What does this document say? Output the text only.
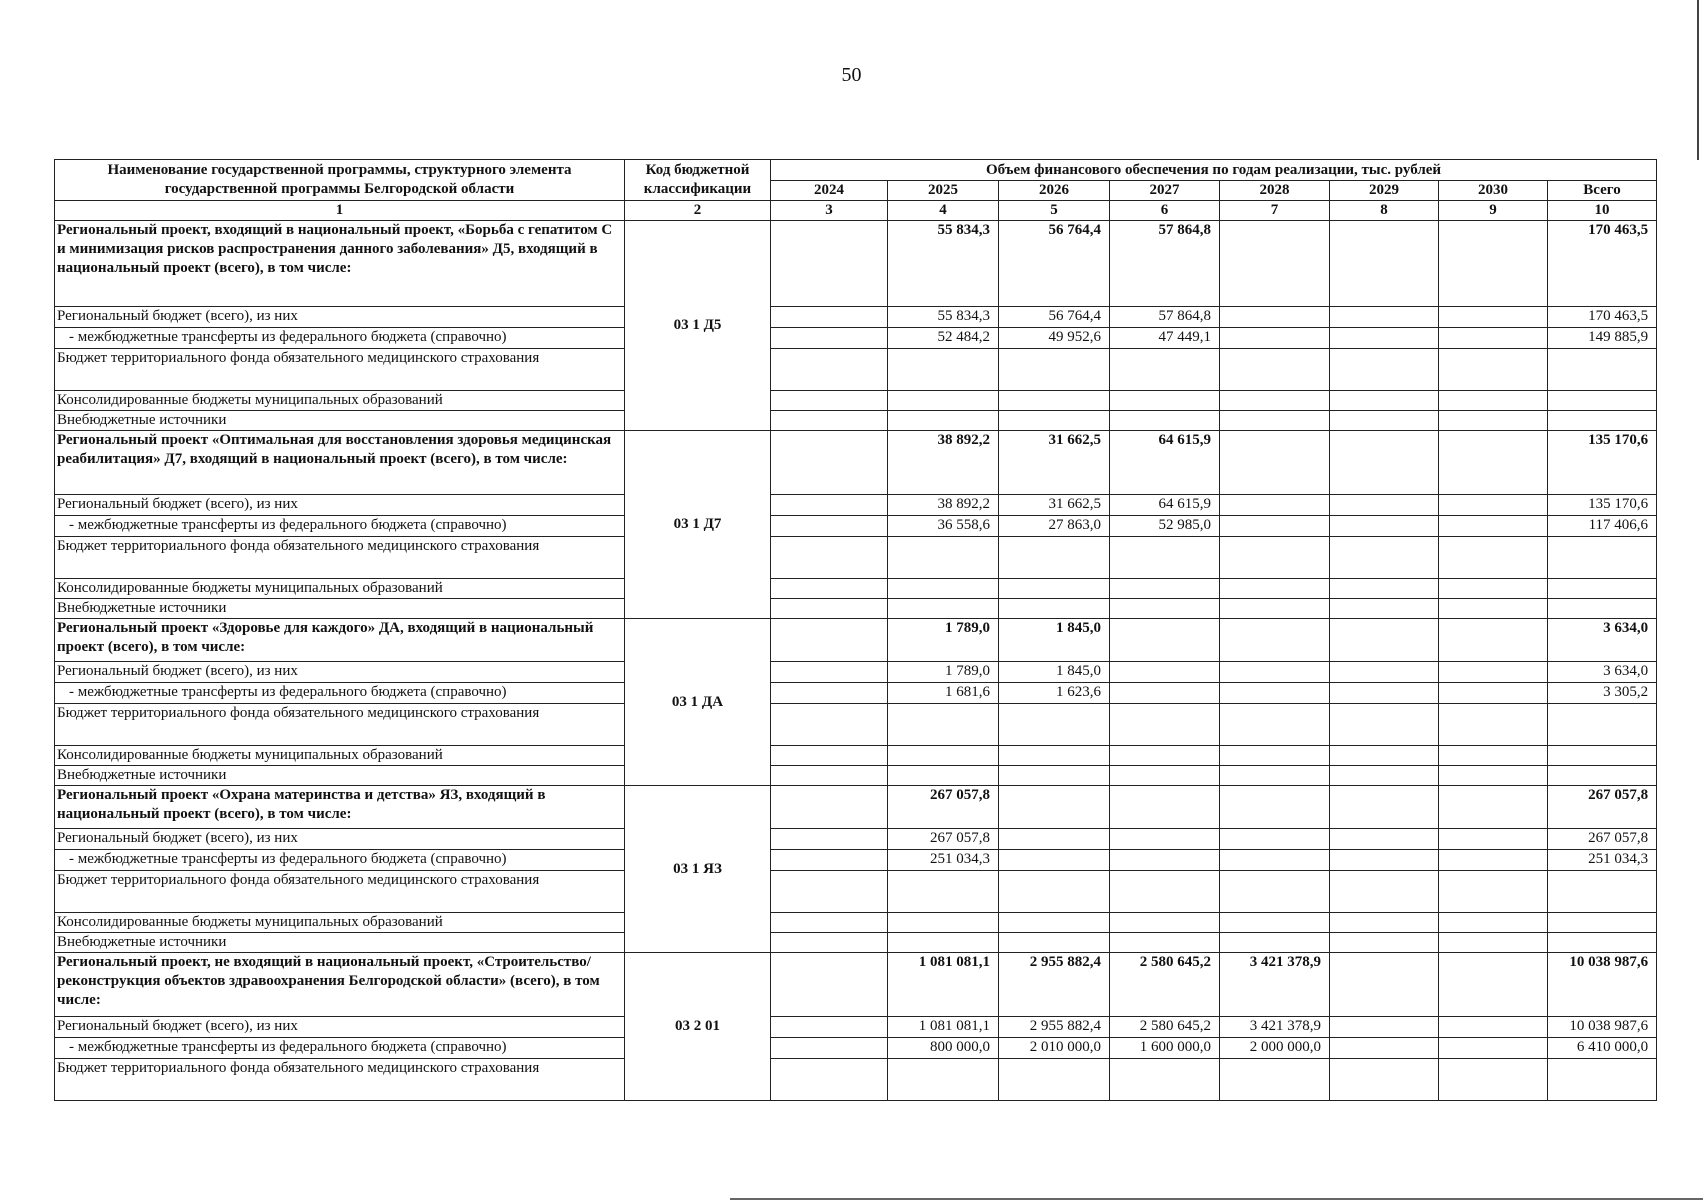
50
Наименование государственной программы, структурного элемента государственной программы Белгородской области	Код бюджетной классификации	Объем финансового обеспечения по годам реализации, тыс. рублей							
		2024	2025	2026	2027	2028	2029	2030	Всего
1	2	3	4	5	6	7	8	9	10
Региональный проект, входящий в национальный проект, «Борьба с гепатитом С и минимизация рисков распространения данного заболевания» Д5, входящий в национальный проект (всего), в том числе:	03 1 Д5		55 834,3	56 764,4	57 864,8				170 463,5
Региональный бюджет (всего), из них			55 834,3	56 764,4	57 864,8				170 463,5
- межбюджетные трансферты из федерального бюджета (справочно)			52 484,2	49 952,6	47 449,1				149 885,9
Бюджет территориального фонда обязательного медицинского страхования									
Консолидированные бюджеты муниципальных образований									
Внебюджетные источники									
Региональный проект «Оптимальная для восстановления здоровья медицинская реабилитация» Д7, входящий в национальный проект (всего), в том числе:	03 1 Д7		38 892,2	31 662,5	64 615,9				135 170,6
Региональный бюджет (всего), из них			38 892,2	31 662,5	64 615,9				135 170,6
- межбюджетные трансферты из федерального бюджета (справочно)			36 558,6	27 863,0	52 985,0				117 406,6
Бюджет территориального фонда обязательного медицинского страхования									
Консолидированные бюджеты муниципальных образований									
Внебюджетные источники									
Региональный проект «Здоровье для каждого» ДА, входящий в национальный проект (всего), в том числе:	03 1 ДА		1 789,0	1 845,0					3 634,0
Региональный бюджет (всего), из них			1 789,0	1 845,0					3 634,0
- межбюджетные трансферты из федерального бюджета (справочно)			1 681,6	1 623,6					3 305,2
Бюджет территориального фонда обязательного медицинского страхования									
Консолидированные бюджеты муниципальных образований									
Внебюджетные источники									
Региональный проект «Охрана материнства и детства» ЯЗ, входящий в национальный проект (всего), в том числе:	03 1 ЯЗ		267 057,8						267 057,8
Региональный бюджет (всего), из них			267 057,8						267 057,8
- межбюджетные трансферты из федерального бюджета (справочно)			251 034,3						251 034,3
Бюджет территориального фонда обязательного медицинского страхования									
Консолидированные бюджеты муниципальных образований									
Внебюджетные источники									
Региональный проект, не входящий в национальный проект, «Строительство/реконструкция объектов здравоохранения Белгородской области» (всего), в том числе:	03 2 01		1 081 081,1	2 955 882,4	2 580 645,2	3 421 378,9			10 038 987,6
Региональный бюджет (всего), из них			1 081 081,1	2 955 882,4	2 580 645,2	3 421 378,9			10 038 987,6
- межбюджетные трансферты из федерального бюджета (справочно)			800 000,0	2 010 000,0	1 600 000,0	2 000 000,0			6 410 000,0
Бюджет территориального фонда обязательного медицинского страхования									
